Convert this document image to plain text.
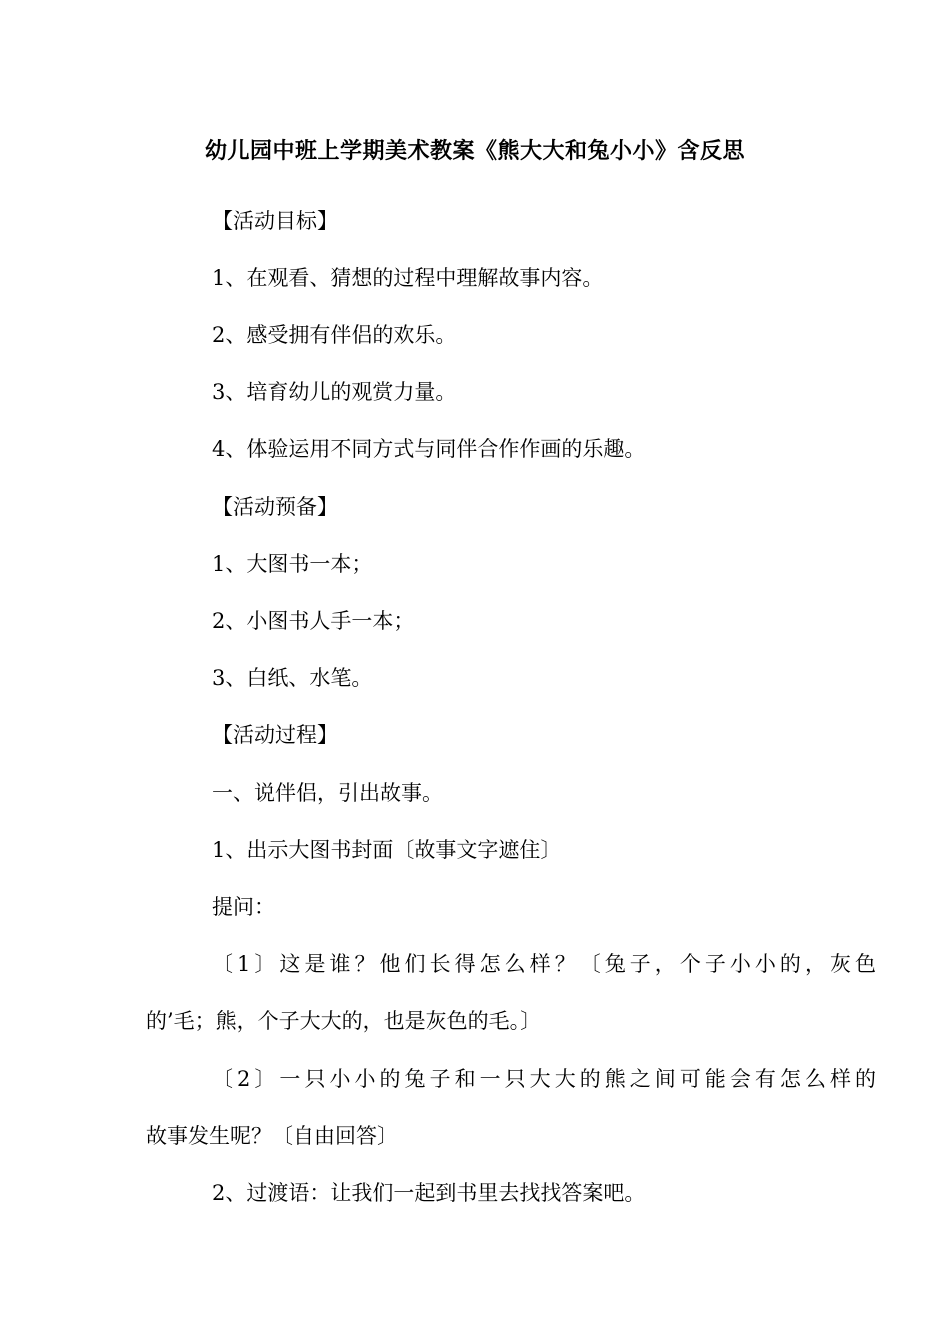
幼儿园中班上学期美术教案《熊大大和兔小小》含反思
【活动目标】
1、在观看、猜想的过程中理解故事内容。
2、感受拥有伴侣的欢乐。
3、培育幼儿的观赏力量。
4、体验运用不同方式与同伴合作作画的乐趣。
【活动预备】
1、大图书一本；
2、小图书人手一本；
3、白纸、水笔。
【活动过程】
一、说伴侣，引出故事。
1、出示大图书封面〔故事文字遮住〕
提问：
〔1〕这是谁？他们长得怎么样？〔兔子，个子小小的，灰色
的’毛；熊，个子大大的，也是灰色的毛。〕
〔2〕一只小小的兔子和一只大大的熊之间可能会有怎么样的
故事发生呢？〔自由回答〕
2、过渡语：让我们一起到书里去找找答案吧。
